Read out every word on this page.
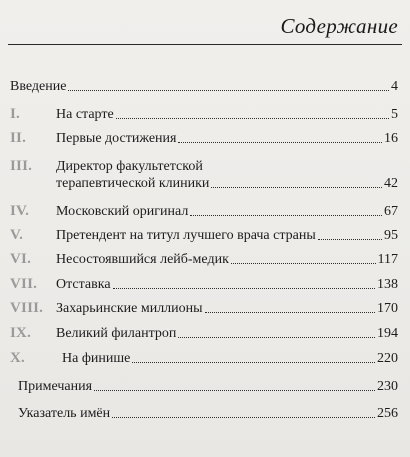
Содержание
Введение	4
I.	На старте	5
II.	Первые достижения	16
III.	Директор факультетской
терапевтической клиники	42
IV.	Московский оригинал	67
V.	Претендент на титул лучшего врача страны	95
VI.	Несостоявшийся лейб-медик	117
VII.	Отставка	138
VIII. Захарьинские миллионы	170
IX.	Великий филантроп	194
X.	На финише	220
Примечания	230
Указатель имён	256
